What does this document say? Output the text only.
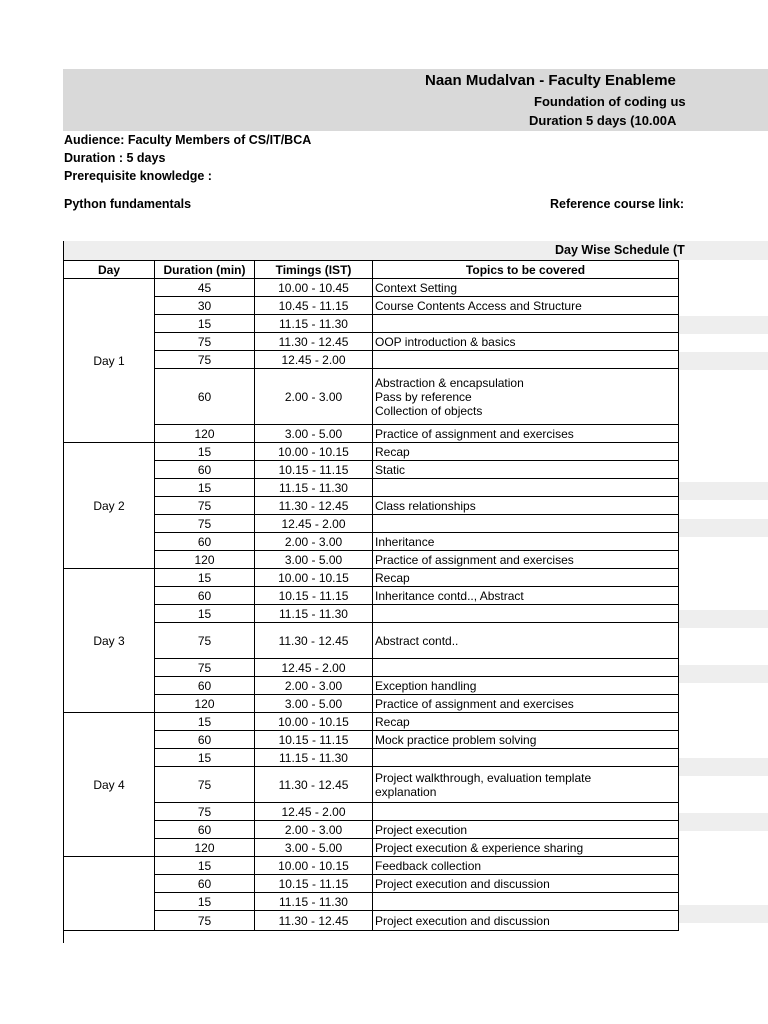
Naan Mudalvan - Faculty Enableme
Foundation of coding us
Duration 5 days (10.00A
Audience: Faculty Members of CS/IT/BCA
Duration : 5 days
Prerequisite knowledge :
Python fundamentals	Reference course link:
Day Wise Schedule (T
Day	Duration (min)	Timings (IST)	Topics to be covered
Day 1	45	10.00 - 10.45	Context Setting
	30	10.45 - 11.15	Course Contents Access and Structure
	15	11.15 - 11.30	
	75	11.30 - 12.45	OOP introduction & basics
	75	12.45 - 2.00	
	60	2.00 - 3.00	Abstraction & encapsulation
Pass by reference
Collection of objects
	120	3.00 - 5.00	Practice of assignment and exercises
Day 2	15	10.00 - 10.15	Recap
	60	10.15 - 11.15	Static
	15	11.15 - 11.30	
	75	11.30 - 12.45	Class relationships
	75	12.45 - 2.00	
	60	2.00 - 3.00	Inheritance
	120	3.00 - 5.00	Practice of assignment and exercises
Day 3	15	10.00 - 10.15	Recap
	60	10.15 - 11.15	Inheritance contd.., Abstract
	15	11.15 - 11.30	
	75	11.30 - 12.45	Abstract contd..
	75	12.45 - 2.00	
	60	2.00 - 3.00	Exception handling
	120	3.00 - 5.00	Practice of assignment and exercises
Day 4	15	10.00 - 10.15	Recap
	60	10.15 - 11.15	Mock practice problem solving
	15	11.15 - 11.30	
	75	11.30 - 12.45	Project walkthrough, evaluation template
explanation
	75	12.45 - 2.00	
	60	2.00 - 3.00	Project execution
	120	3.00 - 5.00	Project execution & experience sharing
	15	10.00 - 10.15	Feedback collection
	60	10.15 - 11.15	Project execution and discussion
	15	11.15 - 11.30	
	75	11.30 - 12.45	Project execution and discussion
